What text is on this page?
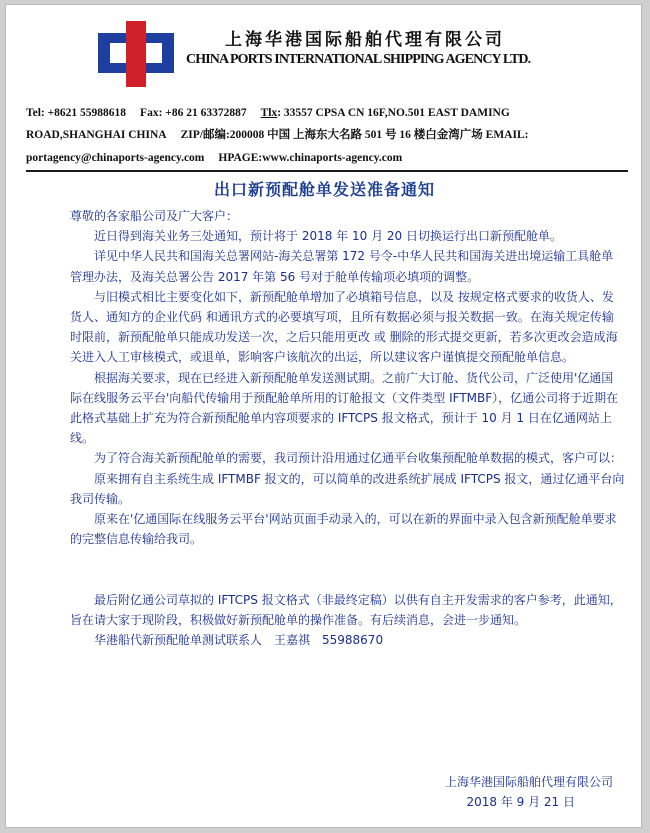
上海华港国际船舶代理有限公司
CHINA PORTS INTERNATIONAL SHIPPING AGENCY LTD.
Tel: +8621 55988618 Fax: +86 21 63372887 Tlx: 33557 CPSA CN 16F,NO.501 EAST DAMING
ROAD,SHANGHAI CHINA ZIP/邮编:200008 中国 上海东大名路 501 号 16 楼白金湾广场 EMAIL:
portagency@chinaports-agency.com HPAGE:www.chinaports-agency.com
出口新预配舱单发送准备通知

尊敬的各家船公司及广大客户：

近日得到海关业务三处通知，预计将于 2018 年 10 月 20 日切换运行出口新预配舱单。

详见中华人民共和国海关总署网站-海关总署第 172 号令-中华人民共和国海关进出境运输工具舱单管理办法，及海关总署公告 2017 年第 56 号对于舱单传输项必填项的调整。

与旧模式相比主要变化如下，新预配舱单增加了必填箱号信息，以及 按规定格式要求的收货人、发货人、通知方的企业代码 和通讯方式的必要填写项，且所有数据必须与报关数据一致。在海关规定传输时限前，新预配舱单只能成功发送一次，之后只能用更改 或 删除的形式提交更新，若多次更改会造成海关进入人工审核模式，或退单，影响客户该航次的出运，所以建议客户谨慎提交预配舱单信息。

根据海关要求，现在已经进入新预配舱单发送测试期。之前广大订舱、货代公司，广泛使用'亿通国际在线服务云平台'向船代传输用于预配舱单所用的订舱报文（文件类型 IFTMBF），亿通公司将于近期在此格式基础上扩充为符合新预配舱单内容项要求的 IFTCPS 报文格式，预计于 10 月 1 日在亿通网站上线。

为了符合海关新预配舱单的需要，我司预计沿用通过亿通平台收集预配舱单数据的模式，客户可以：

原来拥有自主系统生成 IFTMBF 报文的，可以简单的改进系统扩展成 IFTCPS 报文，通过亿通平台向我司传输。

原来在'亿通国际在线服务云平台'网站页面手动录入的，可以在新的界面中录入包含新预配舱单要求的完整信息传输给我司。

最后附亿通公司草拟的 IFTCPS 报文格式（非最终定稿）以供有自主开发需求的客户参考，此通知，旨在请大家于现阶段，积极做好新预配舱单的操作准备。有后续消息，会进一步通知。

华港船代新预配舱单测试联系人　王嘉祺　55988670

上海华港国际船舶代理有限公司
2018 年 9 月 21 日
